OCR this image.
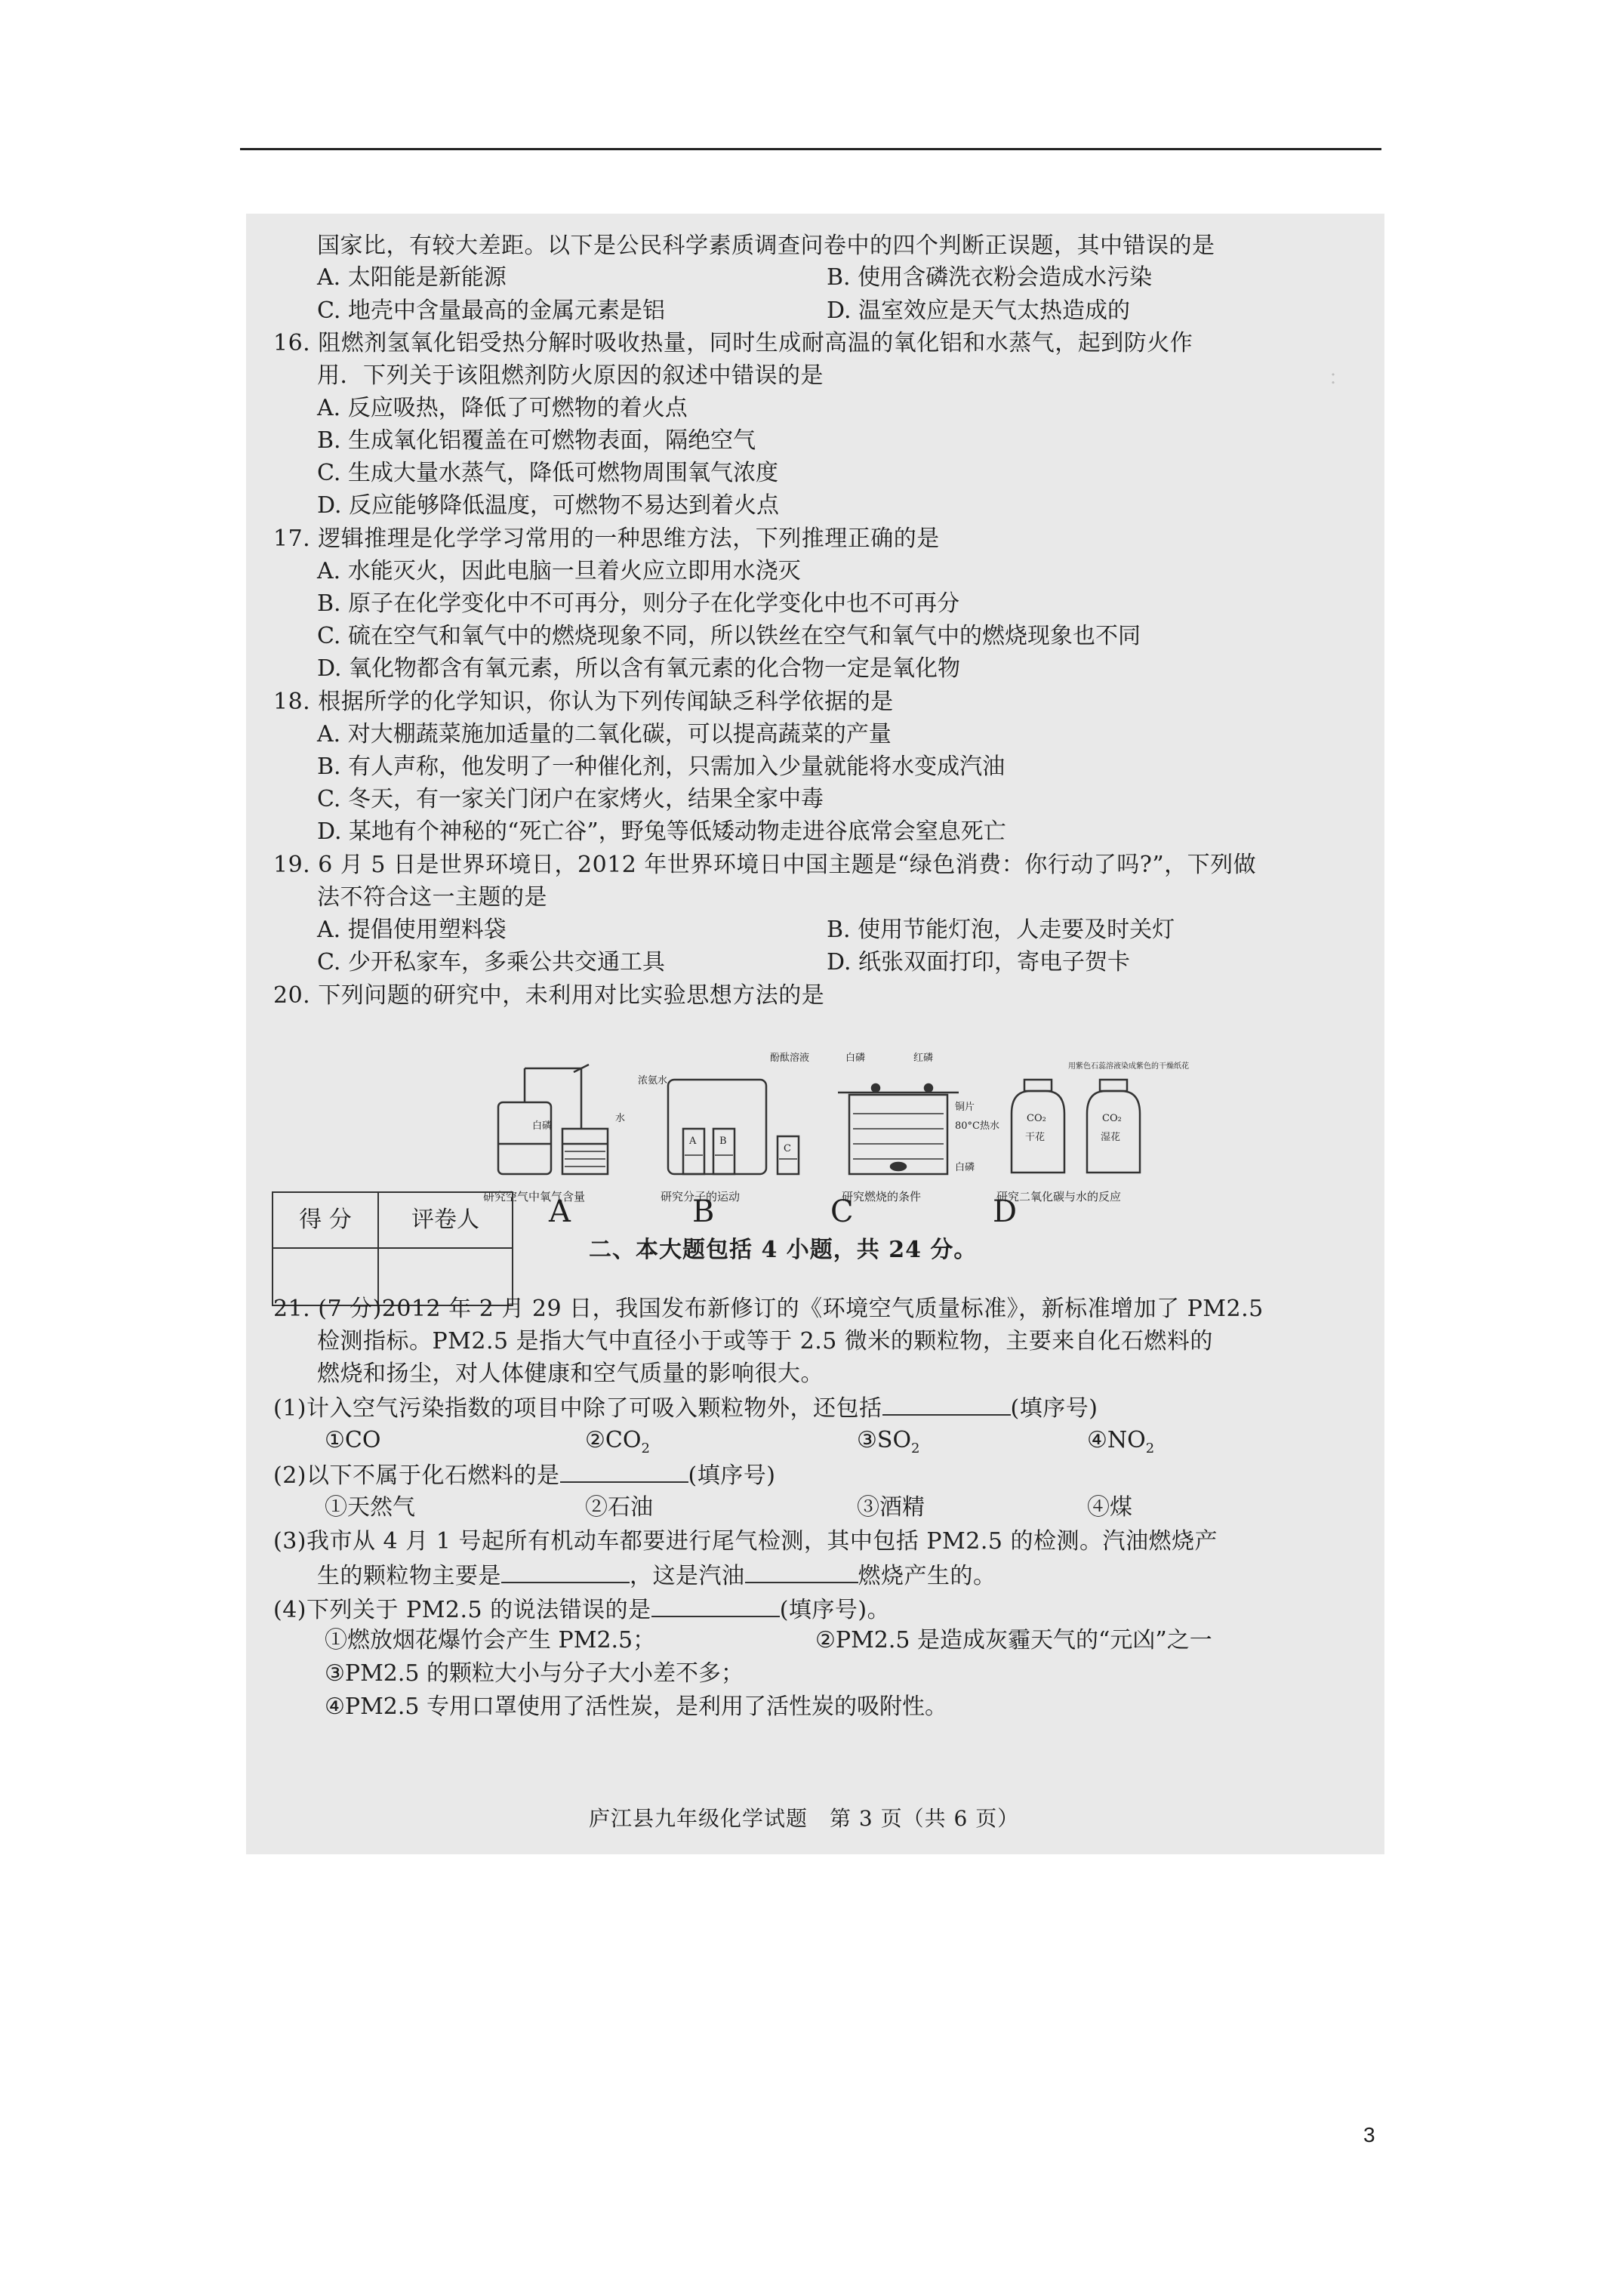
：
国家比，有较大差距。以下是公民科学素质调查问卷中的四个判断正误题，其中错误的是
A. 太阳能是新能源	B. 使用含磷洗衣粉会造成水污染
C. 地壳中含量最高的金属元素是铝	D. 温室效应是天气太热造成的
16. 阻燃剂氢氧化铝受热分解时吸收热量，同时生成耐高温的氧化铝和水蒸气，起到防火作
用．下列关于该阻燃剂防火原因的叙述中错误的是
A. 反应吸热，降低了可燃物的着火点
B. 生成氧化铝覆盖在可燃物表面，隔绝空气
C. 生成大量水蒸气，降低可燃物周围氧气浓度
D. 反应能够降低温度，可燃物不易达到着火点
17. 逻辑推理是化学学习常用的一种思维方法，下列推理正确的是
A. 水能灭火，因此电脑一旦着火应立即用水浇灭
B. 原子在化学变化中不可再分，则分子在化学变化中也不可再分
C. 硫在空气和氧气中的燃烧现象不同，所以铁丝在空气和氧气中的燃烧现象也不同
D. 氧化物都含有氧元素，所以含有氧元素的化合物一定是氧化物
18. 根据所学的化学知识，你认为下列传闻缺乏科学依据的是
A. 对大棚蔬菜施加适量的二氧化碳，可以提高蔬菜的产量
B. 有人声称，他发明了一种催化剂，只需加入少量就能将水变成汽油
C. 冬天，有一家关门闭户在家烤火，结果全家中毒
D. 某地有个神秘的“死亡谷”，野兔等低矮动物走进谷底常会窒息死亡
19. 6 月 5 日是世界环境日，2012 年世界环境日中国主题是“绿色消费：你行动了吗?”，下列做
法不符合这一主题的是
A. 提倡使用塑料袋	B. 使用节能灯泡，人走要及时关灯
C. 少开私家车，多乘公共交通工具	D. 纸张双面打印，寄电子贺卡
20. 下列问题的研究中，未利用对比实验思想方法的是
白磷
水
浓氨水
酚酞溶液
A B
C
白磷	红磷
铜片
80°C热水
白磷
用紫色石蕊溶液染成紫色的干燥纸花
CO₂
干花
CO₂
湿花
研究空气中氧气含量	研究分子的运动	研究燃烧的条件	研究二氧化碳与水的反应
A	B	C	D
得 分	评卷人
二、本大题包括 4 小题，共 24 分。
21. (7 分)2012 年 2 月 29 日，我国发布新修订的《环境空气质量标准》，新标准增加了 PM2.5
检测指标。PM2.5 是指大气中直径小于或等于 2.5 微米的颗粒物，主要来自化石燃料的
燃烧和扬尘，对人体健康和空气质量的影响很大。
(1)计入空气污染指数的项目中除了可吸入颗粒物外，还包括	(填序号)
①CO	$②CO_2$	$③SO_2$	$④NO_2$
(2)以下不属于化石燃料的是	(填序号)
①天然气	②石油	③酒精	④煤
(3)我市从 4 月 1 号起所有机动车都要进行尾气检测，其中包括 PM2.5 的检测。汽油燃烧产
生的颗粒物主要是	，这是汽油	燃烧产生的。
(4)下列关于 PM2.5 的说法错误的是	(填序号)。
①燃放烟花爆竹会产生 PM2.5；	②PM2.5 是造成灰霾天气的“元凶”之一
③PM2.5 的颗粒大小与分子大小差不多；
④PM2.5 专用口罩使用了活性炭，是利用了活性炭的吸附性。
庐江县九年级化学试题　第 3 页（共 6 页）
3
